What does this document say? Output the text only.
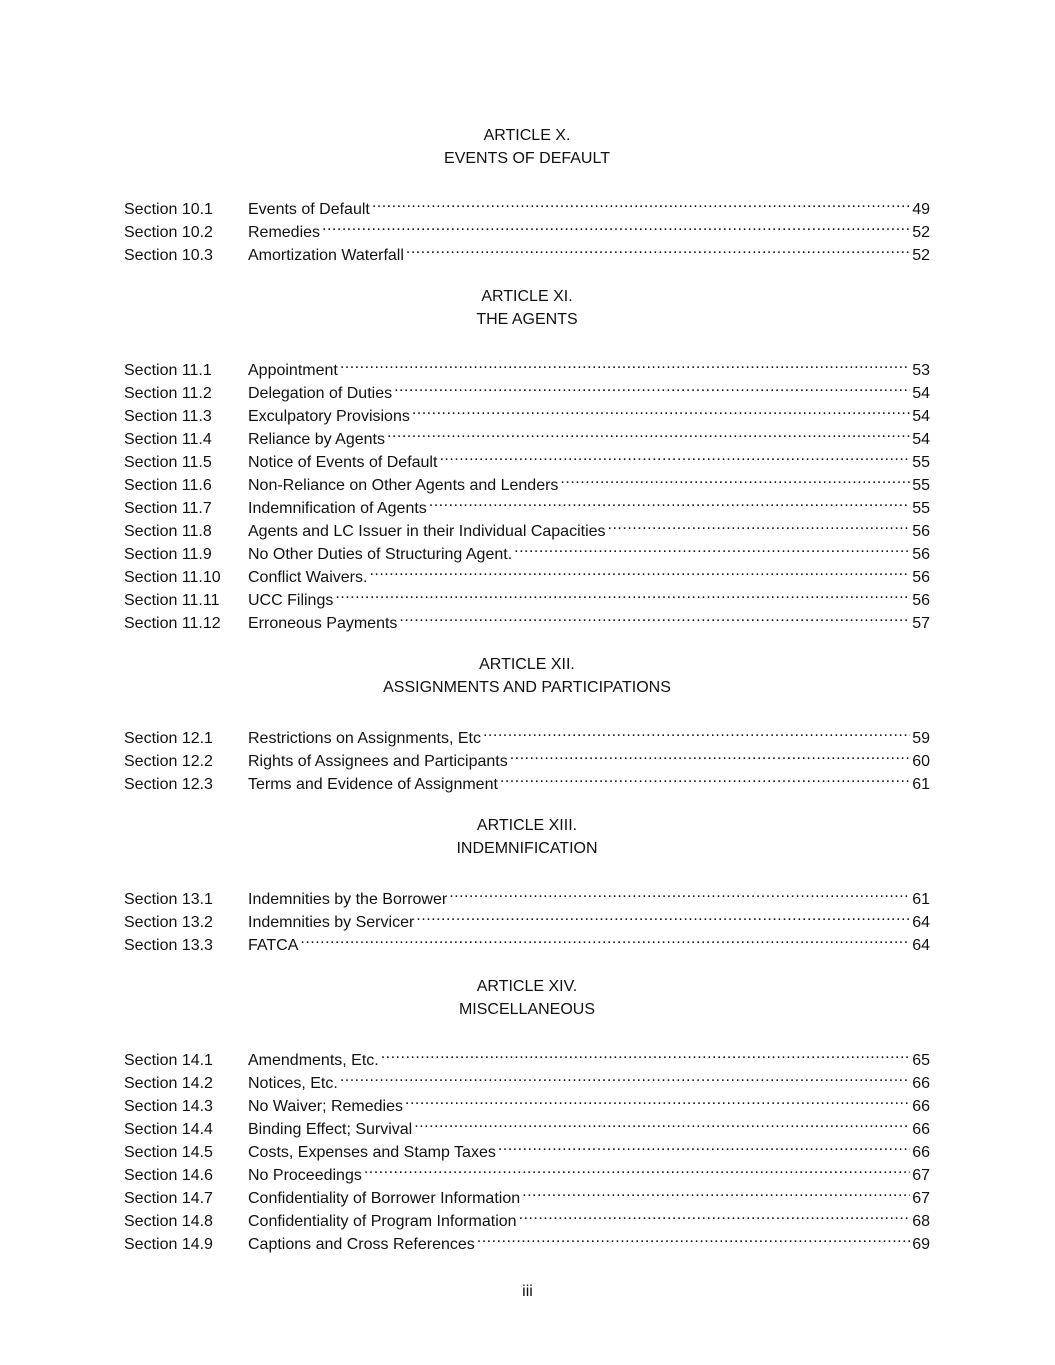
ARTICLE X.
EVENTS OF DEFAULT
Section 10.1	Events of Default .....	49
Section 10.2	Remedies .....	52
Section 10.3	Amortization Waterfall .....	52
ARTICLE XI.
THE AGENTS
Section 11.1	Appointment .....	53
Section 11.2	Delegation of Duties .....	54
Section 11.3	Exculpatory Provisions .....	54
Section 11.4	Reliance by Agents .....	54
Section 11.5	Notice of Events of Default .....	55
Section 11.6	Non-Reliance on Other Agents and Lenders .....	55
Section 11.7	Indemnification of Agents .....	55
Section 11.8	Agents and LC Issuer in their Individual Capacities .....	56
Section 11.9	No Other Duties of Structuring Agent. .....	56
Section 11.10	Conflict Waivers. .....	56
Section 11.11	UCC Filings .....	56
Section 11.12	Erroneous Payments .....	57
ARTICLE XII.
ASSIGNMENTS AND PARTICIPATIONS
Section 12.1	Restrictions on Assignments, Etc .....	59
Section 12.2	Rights of Assignees and Participants .....	60
Section 12.3	Terms and Evidence of Assignment .....	61
ARTICLE XIII.
INDEMNIFICATION
Section 13.1	Indemnities by the Borrower .....	61
Section 13.2	Indemnities by Servicer .....	64
Section 13.3	FATCA .....	64
ARTICLE XIV.
MISCELLANEOUS
Section 14.1	Amendments, Etc. .....	65
Section 14.2	Notices, Etc. .....	66
Section 14.3	No Waiver; Remedies .....	66
Section 14.4	Binding Effect; Survival .....	66
Section 14.5	Costs, Expenses and Stamp Taxes .....	66
Section 14.6	No Proceedings .....	67
Section 14.7	Confidentiality of Borrower Information .....	67
Section 14.8	Confidentiality of Program Information .....	68
Section 14.9	Captions and Cross References .....	69
iii
